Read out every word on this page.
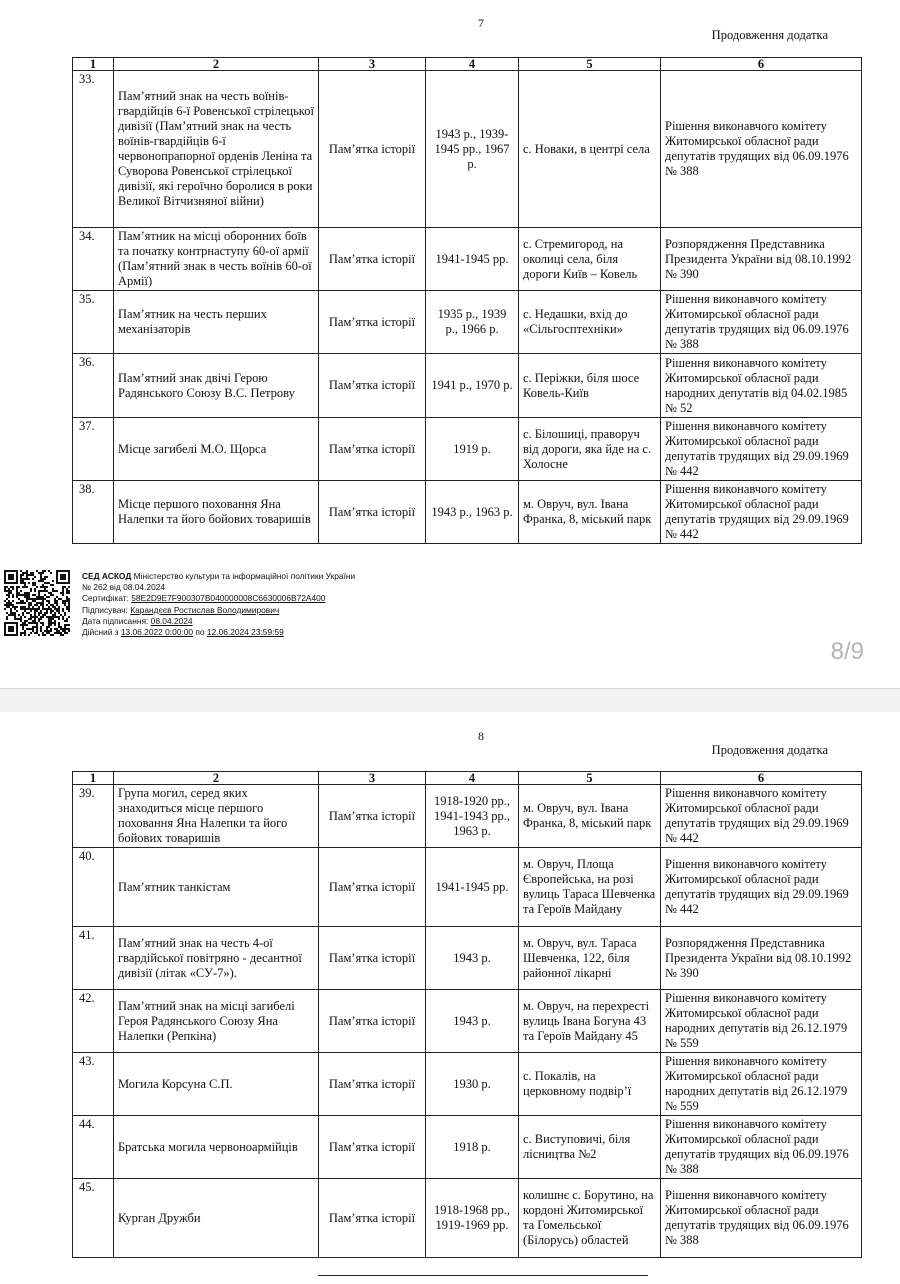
7
Продовження додатка
1	2	3	4	5	6
33.	Пам’ятний знак на честь воїнів-гвардійців 6-ї Ровенської стрілецької дивізії (Пам’ятний знак на честь воїнів-гвардійців 6-ї червонопрапорної орденів Леніна та Суворова Ровенської стрілецької дивізії, які героїчно боролися в роки Великої Вітчизняної війни)	Пам’ятка історії	1943 р., 1939-1945 рр., 1967 р.	с. Новаки, в центрі села	Рішення виконавчого комітету Житомирської обласної ради депутатів трудящих від 06.09.1976 № 388
34.	Пам’ятник на місці оборонних боїв та початку контрнаступу 60-ої армії (Пам’ятний знак в честь воїнів 60-ої Армії)	Пам’ятка історії	1941-1945 рр.	с. Стремигород, на околиці села, біля дороги Київ – Ковель	Розпорядження Представника Президента України від 08.10.1992 № 390
35.	Пам’ятник на честь перших механізаторів	Пам’ятка історії	1935 р., 1939 р., 1966 р.	с. Недашки, вхід до «Сільгосптехніки»	Рішення виконавчого комітету Житомирської обласної ради депутатів трудящих від 06.09.1976 № 388
36.	Пам’ятний знак двічі Герою Радянського Союзу В.С. Петрову	Пам’ятка історії	1941 р., 1970 р.	с. Періжки, біля шосе Ковель-Київ	Рішення виконавчого комітету Житомирської обласної ради народних депутатів від 04.02.1985 № 52
37.	Місце загибелі М.О. Щорса	Пам’ятка історії	1919 р.	с. Білошиці, праворуч від дороги, яка йде на с. Холосне	Рішення виконавчого комітету Житомирської обласної ради депутатів трудящих від 29.09.1969 № 442
38.	Місце першого поховання Яна Налепки та його бойових товаришів	Пам’ятка історії	1943 р., 1963 р.	м. Овруч, вул. Івана Франка, 8, міський парк	Рішення виконавчого комітету Житомирської обласної ради депутатів трудящих від 29.09.1969 № 442
СЕД АСКОД Міністерство культури та інформаційної політики України
№ 262 від 08.04.2024
Сертифікат: 58E2D9E7F900307B040000008C6630006B72A400
Підписувач: Карандєєв Ростислав Володимирович
Дата підписання: 08.04.2024
Дійсний з 13.06.2022 0:00:00 по 12.06.2024 23:59:59
8/9
8
Продовження додатка
1	2	3	4	5	6
39.	Група могил, серед яких знаходиться місце першого поховання Яна Налепки та його бойових товаришів	Пам’ятка історії	1918-1920 рр., 1941-1943 рр., 1963 р.	м. Овруч, вул. Івана Франка, 8, міський парк	Рішення виконавчого комітету Житомирської обласної ради депутатів трудящих від 29.09.1969 № 442
40.	Пам’ятник танкістам	Пам’ятка історії	1941-1945 рр.	м. Овруч, Площа Європейська, на розі вулиць Тараса Шевченка та Героїв Майдану	Рішення виконавчого комітету Житомирської обласної ради депутатів трудящих від 29.09.1969 № 442
41.	Пам’ятний знак на честь 4-ої гвардійської повітряно - десантної дивізії (літак «СУ-7»).	Пам’ятка історії	1943 р.	м. Овруч, вул. Тараса Шевченка, 122, біля районної лікарні	Розпорядження Представника Президента України від 08.10.1992 № 390
42.	Пам’ятний знак на місці загибелі Героя Радянського Союзу Яна Налепки (Репкіна)	Пам’ятка історії	1943 р.	м. Овруч, на перехресті вулиць Івана Богуна 43 та Героїв Майдану 45	Рішення виконавчого комітету Житомирської обласної ради народних депутатів від 26.12.1979 № 559
43.	Могила Корсуна С.П.	Пам’ятка історії	1930 р.	с. Покалів, на церковному подвір’ї	Рішення виконавчого комітету Житомирської обласної ради народних депутатів від 26.12.1979 № 559
44.	Братська могила червоноармійців	Пам’ятка історії	1918 р.	с. Виступовичі, біля лісництва №2	Рішення виконавчого комітету Житомирської обласної ради депутатів трудящих від 06.09.1976 № 388
45.	Курган Дружби	Пам’ятка історії	1918-1968 рр., 1919-1969 рр.	колишнє с. Борутино, на кордоні Житомирської та Гомельської (Білорусь) областей	Рішення виконавчого комітету Житомирської обласної ради депутатів трудящих від 06.09.1976 № 388
